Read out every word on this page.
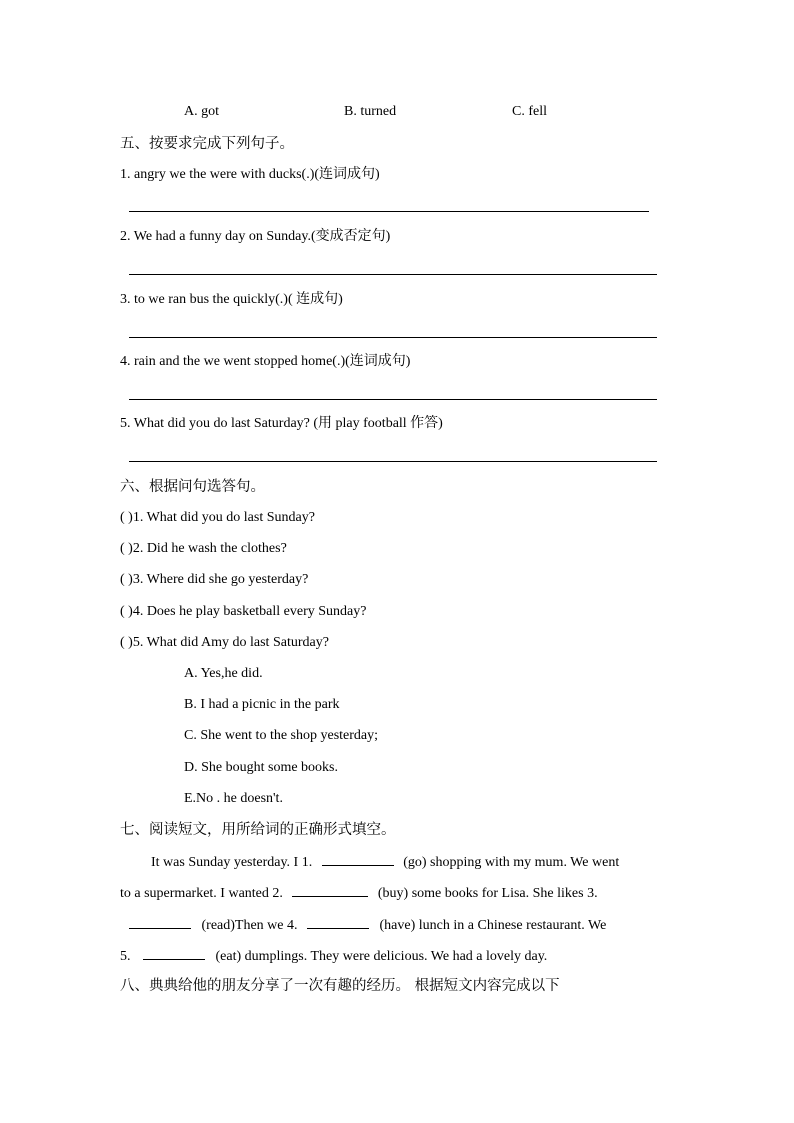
A. got	B. turned	C. fell
五、按要求完成下列句子。
1. angry we the were with ducks(.)(连词成句)
2. We had a funny day on Sunday.(变成否定句)
3. to we ran bus the quickly(.)( 连成句)
4. rain and the we went stopped home(.)(连词成句)
5. What did you do last Saturday? (用 play football 作答)
六、根据问句选答句。
( )1. What did you do last Sunday?
( )2. Did he wash the clothes?
( )3. Where did she go yesterday?
( )4. Does he play basketball every Sunday?
( )5. What did Amy do last Saturday?
A. Yes,he did.
B. I had a picnic in the park
C. She went to the shop yesterday;
D. She bought some books.
E.No . he doesn't.
七、阅读短文，用所给词的正确形式填空。
It was Sunday yesterday. I 1.	(go) shopping with my mum. We went
to a supermarket. I wanted 2.	(buy) some books for Lisa. She likes 3.
(read)Then we 4.	(have) lunch in a Chinese restaurant. We
5.	(eat) dumplings. They were delicious. We had a lovely day.
八、典典给他的朋友分享了一次有趣的经历。 根据短文内容完成以下
